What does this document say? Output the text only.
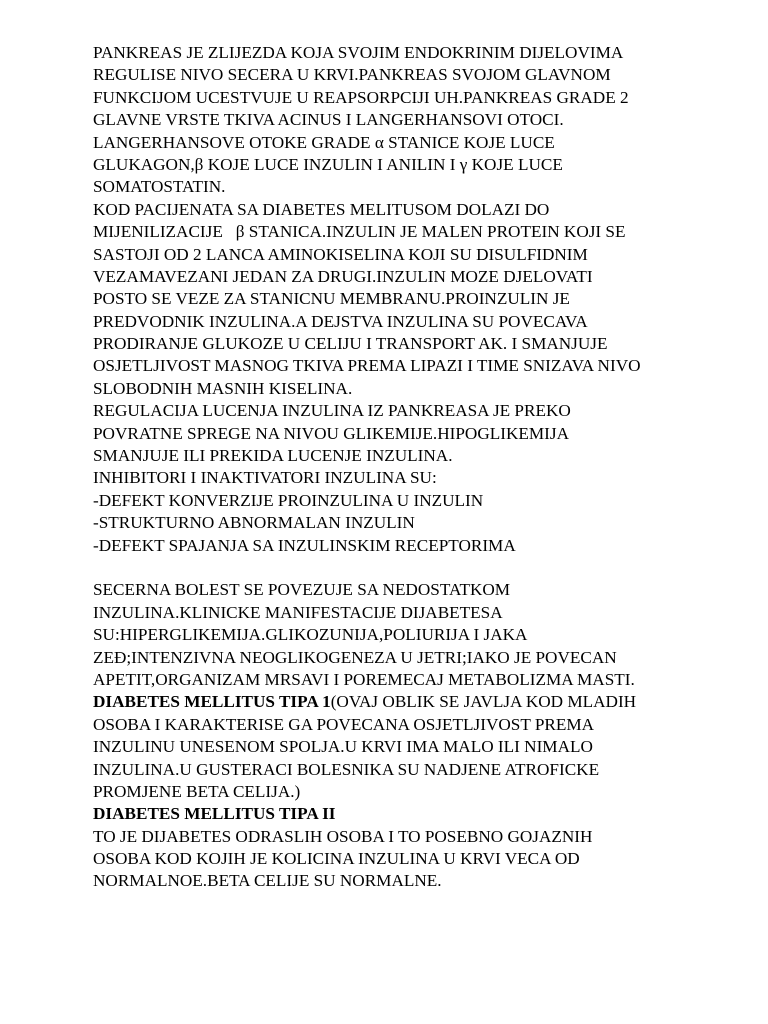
PANKREAS JE ZLIJEZDA KOJA SVOJIM ENDOKRINIM DIJELOVIMA
REGULISE NIVO SECERA U KRVI.PANKREAS SVOJOM GLAVNOM
FUNKCIJOM UCESTVUJE U REAPSORPCIJI UH.PANKREAS GRADE 2
GLAVNE VRSTE TKIVA ACINUS I LANGERHANSOVI OTOCI.
LANGERHANSOVE OTOKE GRADE α STANICE KOJE LUCE
GLUKAGON,β KOJE LUCE INZULIN I ANILIN I γ KOJE LUCE
SOMATOSTATIN.
KOD PACIJENATA SA DIABETES MELITUSOM DOLAZI DO
MIJENILIZACIJE   β STANICA.INZULIN JE MALEN PROTEIN KOJI SE
SASTOJI OD 2 LANCA AMINOKISELINA KOJI SU DISULFIDNIM
VEZAMAVEZANI JEDAN ZA DRUGI.INZULIN MOZE DJELOVATI
POSTO SE VEZE ZA STANICNU MEMBRANU.PROINZULIN JE
PREDVODNIK INZULINA.A DEJSTVA INZULINA SU POVECAVA
PRODIRANJE GLUKOZE U CELIJU I TRANSPORT AK. I SMANJUJE
OSJETLJIVOST MASNOG TKIVA PREMA LIPAZI I TIME SNIZAVA NIVO
SLOBODNIH MASNIH KISELINA.
REGULACIJA LUCENJA INZULINA IZ PANKREASA JE PREKO
POVRATNE SPREGE NA NIVOU GLIKEMIJE.HIPOGLIKEMIJA
SMANJUJE ILI PREKIDA LUCENJE INZULINA.
INHIBITORI I INAKTIVATORI INZULINA SU:
-DEFEKT KONVERZIJE PROINZULINA U INZULIN
-STRUKTURNO ABNORMALAN INZULIN
-DEFEKT SPAJANJA SA INZULINSKIM RECEPTORIMA
SECERNA BOLEST SE POVEZUJE SA NEDOSTATKOM
INZULINA.KLINICKE MANIFESTACIJE DIJABETESA
SU:HIPERGLIKEMIJA.GLIKOZUNIJA,POLIURIJA I JAKA
ZEĐ;INTENZIVNA NEOGLIKOGENEZA U JETRI;IAKO JE POVECAN
APETIT,ORGANIZAM MRSAVI I POREMECAJ METABOLIZMA MASTI.
DIABETES MELLITUS TIPA 1(OVAJ OBLIK SE JAVLJA KOD MLADIH
OSOBA I KARAKTERISE GA POVECANA OSJETLJIVOST PREMA
INZULINU UNESENOM SPOLJA.U KRVI IMA MALO ILI NIMALO
INZULINA.U GUSTERACI BOLESNIKA SU NADJENE ATROFICKE
PROMJENE BETA CELIJA.)
DIABETES MELLITUS TIPA II
TO JE DIJABETES ODRASLIH OSOBA I TO POSEBNO GOJAZNIH
OSOBA KOD KOJIH JE KOLICINA INZULINA U KRVI VECA OD
NORMALNOE.BETA CELIJE SU NORMALNE.
